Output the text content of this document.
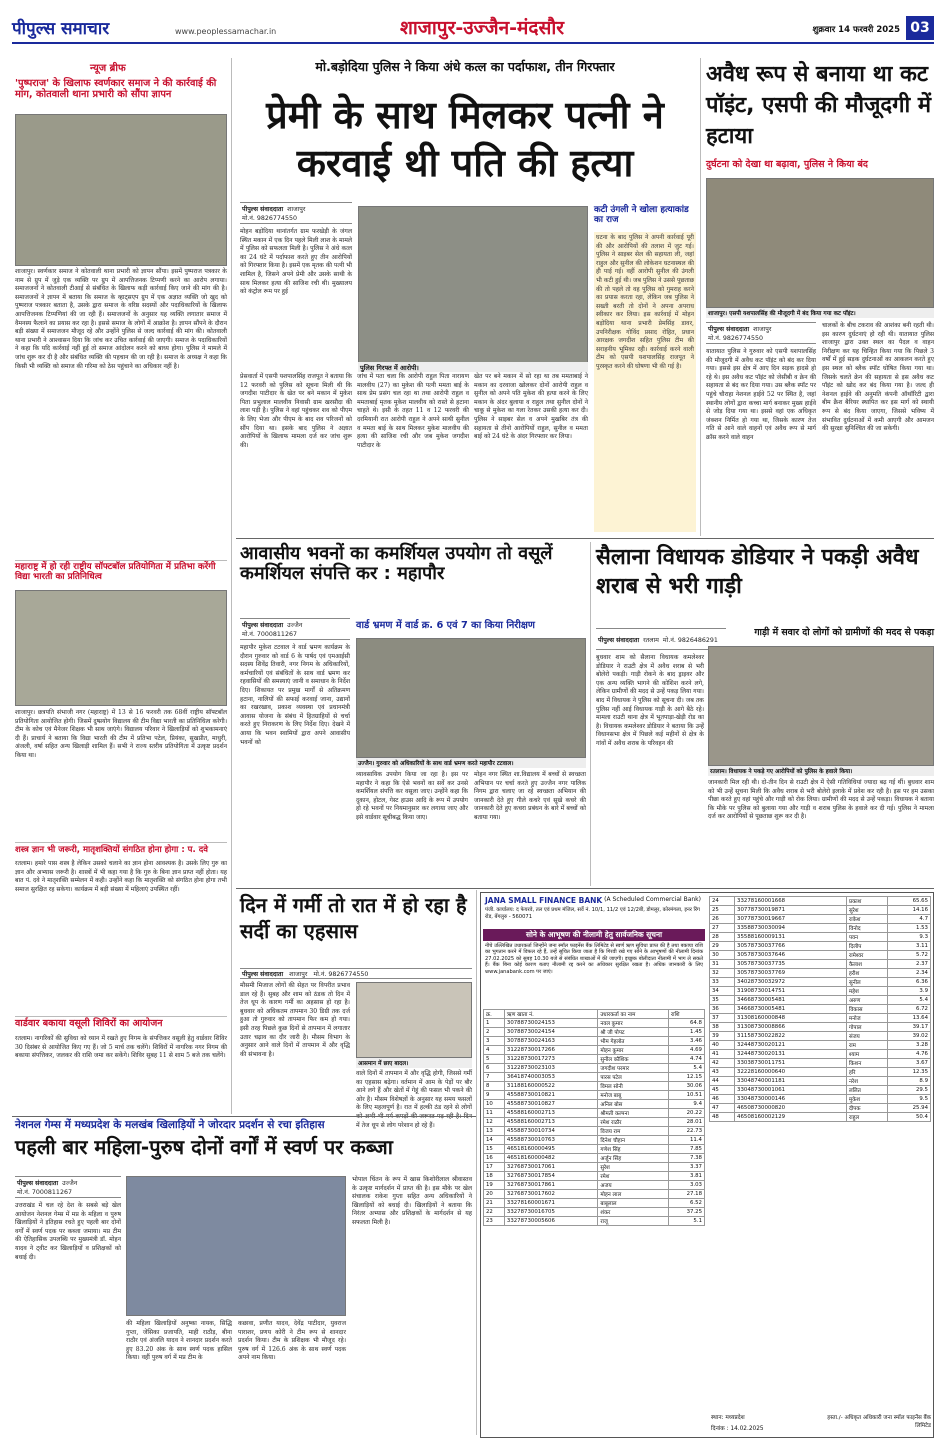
पीपुल्स समाचार	www.peoplessamachar.in	शाजापुर-उज्जैन-मंदसौर	शुक्रवार 14 फरवरी 2025 03
न्यूज ब्रीफ
'पुष्पराज' के खिलाफ स्वर्णकार समाज ने की कार्रवाई की मांग, कोतवाली थाना प्रभारी को सौंपा ज्ञापन
शाजापुर। स्वर्णकार समाज ने कोतवाली थाना प्रभारी को ज्ञापन सौंपा। इसमें पुष्पराज पत्रकार के नाम से ग्रुप में जुड़े एक व्यक्ति पर ग्रुप में आपत्तिजनक टिप्पणी करने का आरोप लगाया। समाजजनों ने कोतवाली टीआई से संबंधित के खिलाफ कड़ी कार्रवाई किए जाने की मांग की है। समाजजनों ने ज्ञापन में बताया कि समाज के व्हाट्सएप ग्रुप में एक अज्ञात व्यक्ति जो खुद को पुष्पराज पत्रकार बताता है, उसके द्वारा समाज के वरिष्ठ सदस्यों और पदाधिकारियों के खिलाफ आपत्तिजनक टिप्पणियां की जा रही हैं। समाजजनों के अनुसार यह व्यक्ति लगातार समाज में वैमनस्य फैलाने का प्रयास कर रहा है। इससे समाज के लोगों में आक्रोश है। ज्ञापन सौंपने के दौरान बड़ी संख्या में समाजजन मौजूद रहे और उन्होंने पुलिस से जल्द कार्रवाई की मांग की। कोतवाली थाना प्रभारी ने आश्वासन दिया कि जांच कर उचित कार्रवाई की जाएगी। समाज के पदाधिकारियों ने कहा कि यदि कार्रवाई नहीं हुई तो समाज आंदोलन करने को बाध्य होगा। पुलिस ने मामले में जांच शुरू कर दी है और संबंधित व्यक्ति की पहचान की जा रही है। समाज के अध्यक्ष ने कहा कि किसी भी व्यक्ति को समाज की गरिमा को ठेस पहुंचाने का अधिकार नहीं है।
महाराष्ट्र में हो रही राष्ट्रीय सॉफ्टबॉल प्रतियोगिता में प्रतिभा करेंगी विद्या भारती का प्रतिनिधित्व
शाजापुर। छत्रपति संभाजी नगर (महाराष्ट्र) में 13 से 16 फरवरी तक 68वीं राष्ट्रीय सॉफ्टबॉल प्रतियोगिता आयोजित होगी। जिसमें दुष्प्रयोग विद्यालय की टीम विद्या भारती का प्रतिनिधित्व करेगी। टीम के कोच एवं मैनेजर शिक्षक भी साथ जाएंगे। विद्यालय परिवार ने खिलाड़ियों को शुभकामनाएं दी हैं। प्राचार्य ने बताया कि विद्या भारती की टीम में प्रतिभा पटेल, प्रियंका, सुखप्रीत, माधुरी, अंजली, वर्षा सहित अन्य खिलाड़ी शामिल हैं। सभी ने राज्य स्तरीय प्रतियोगिता में उत्कृष्ट प्रदर्शन किया था।
शस्त्र ज्ञान भी जरूरी, मातृशक्तियों संगठित होना होगा : प. दवे
रतलाम। हमारे पास शस्त्र है लेकिन उसको चलाने का ज्ञान होना आवश्यक है। उसके लिए गुरु का ज्ञान और अभ्यास जरूरी है। शास्त्रों में भी कहा गया है कि गुरु के बिना ज्ञान प्राप्त नहीं होता। यह बात पं. दवे ने मातृशक्ति सम्मेलन में कही। उन्होंने कहा कि मातृशक्ति को संगठित होना होगा तभी समाज सुरक्षित रह सकेगा। कार्यक्रम में बड़ी संख्या में महिलाएं उपस्थित रहीं।
वार्डवार बकाया वसूली शिविरों का आयोजन
रतलाम। नागरिकों की सुविधा को ध्यान में रखते हुए निगम के संपत्तिकर वसूली हेतु वार्डवार शिविर 30 दिसंबर से आयोजित किए गए हैं। जो 5 मार्च तक चलेंगे। शिविरों में नागरिक नगर निगम की बकाया संपत्तिकर, जलकर की राशि जमा कर सकेंगे। शिविर सुबह 11 से शाम 5 बजे तक चलेंगे।
मो.बड़ोदिया पुलिस ने किया अंधे कत्ल का पर्दाफाश, तीन गिरफ्तार
प्रेमी के साथ मिलकर पत्नी ने करवाई थी पति की हत्या
पीपुल्स संवाददाता शाजापुर
मो.नं. 9826774550
पुलिस गिरफ्त में आरोपी।
मोहन बड़ोदिया थानांतर्गत ग्राम फरखेड़ी के जंगल स्थित मकान में एक दिन पहले मिली लाश के मामले में पुलिस को सफलता मिली है। पुलिस ने अंधे कत्ल का 24 घंटे में पर्दाफाश करते हुए तीन आरोपियों को गिरफ्तार किया है। इसमें एक मृतक की पत्नी भी शामिल है, जिसने अपने प्रेमी और उसके साथी के साथ मिलकर हत्या की साजिश रची थी। मुख्यालय को कंट्रोल रूम पर हुई
प्रेसवार्ता में एसपी यशपालसिंह राजपूत ने बताया कि 12 फरवरी को पुलिस को सूचना मिली थी कि जगदीश पाटीदार के खेत पर बने मकान में मुकेश पिता प्रभुलाल मालवीय निवासी ग्राम खरसौदा की लाश पड़ी है। पुलिस ने वहां पहुंचकर शव को पीएम के लिए भेजा और पीएम के बाद शव परिजनों को सौंप दिया था। इसके बाद पुलिस ने अज्ञात आरोपियों के खिलाफ मामला दर्ज कर जांच शुरू की।
जांच में पता चला कि आरोपी राहुल पिता नारायण मालवीय (27) का मुकेश की पत्नी ममता बाई के साथ प्रेम प्रसंग चल रहा था तथा आरोपी राहुल व ममताबाई मृतक मुकेश मालवीय को रास्ते से हटाना चाहते थे। इसी के तहत 11 व 12 फरवरी की दरमियानी रात आरोपी राहुल ने अपने साथी सुनील व ममता बाई के साथ मिलकर मुकेश मालवीय की हत्या की साजिश रची और जब मुकेश जगदीश पाटीदार के
खेत पर बने मकान में सो रहा था तब ममताबाई ने मकान का दरवाजा खोलकर दोनों आरोपी राहुल व सुनील को अपने पति मुकेश की हत्या करने के लिए मकान के अंदर बुलाया व राहुल तथा सुनील दोनों ने चाकू से मुकेश का गला रेतकर उसकी हत्या कर दी। पुलिस ने साइबर सेल व अपने मुखबिर तंत्र की सहायता से तीनो आरोपियों राहुल, सुनील व ममता बाई को 24 घंटे के अंदर गिरफ्तार कर लिया।
कटी उंगली ने खोला हत्याकांड का राज
घटना के बाद पुलिस ने अपनी कार्रवाई पूरी की और आरोपियों की तलाश में जुट गई। पुलिस ने साइबर सेल की सहायता ली, जहां राहुल और सुनील की लोकेशन घटनास्थल की ही पाई गई। वहीं आरोपी सुनील की उंगली भी कटी हुई थी। जब पुलिस ने उससे पूछताछ की तो पहले तो वह पुलिस को गुमराह करने का प्रयास करता रहा, लेकिन जब पुलिस ने सख्ती बरती तो दोनों ने अपना अपराध स्वीकार कर लिया। इस कार्रवाई में मोहन बड़ोदिया थाना प्रभारी प्रेमसिंह डावर, उपनिरीक्षक गोविंद प्रसाद रोहित, प्रधान आरक्षक जगदीश सहित पुलिस टीम की सराहनीय भूमिका रही। कार्रवाई करने वाली टीम को एसपी यशपालसिंह राजपूत ने पुरस्कृत करने की घोषणा भी की गई है।
अवैध रूप से बनाया था कट पॉइंट, एसपी की मौजूदगी में हटाया
दुर्घटना को देखा था बढ़ावा, पुलिस ने किया बंद
शाजापुर। एसपी यशपालसिंह की मौजूदगी में बंद किया गया कट पॉइंट।
पीपुल्स संवाददाता शाजापुर
मो.नं. 9826774550
यातायात पुलिस ने गुरुवार को एसपी यशपालसिंह की मौजूदगी में अवैध कट पॉइंट को बंद कर दिया गया। इससे इस क्षेत्र में आए दिन सड़क हादसे हो रहे थे। इस अवैध कट पॉइंट को जेसीबी व क्रेन की सहायता से बंद कर दिया गया। उस ब्लैक स्पॉट पर पहुंचे चौराहा नेशनल हाईवे 52 पर स्थित है, जहां स्थानीय लोगों द्वारा कच्चा मार्ग बनाकर मुख्य हाईवे से जोड़ दिया गया था। इससे वहां एक अधिकृत जंक्शन निर्मित हो गया था, जिसके कारण तेज गति से आने वाले वाहनों एवं अवैध रूप से मार्ग क्रॉस करने वाले वाहन
चालकों के बीच टकराव की आशंका बनी रहती थी। इस कारण दुर्घटनाएं हो रही थी। यातायात पुलिस शाजापुर द्वारा उक्त स्थल का पैदल व वाहन निरीक्षण कर यह चिन्हित किया गया कि पिछले 3 वर्षों में हुई सड़क दुर्घटनाओं का आकलन करते हुए इस स्थल को ब्लैक स्पॉट घोषित किया गया था। जिसके चलते क्रेन की सहायता से इस अवैध कट पॉइंट को खोद कर बंद किया गया है। जल्द ही नेशनल हाईवे की अनुमति कंपनी ऑथॉरिटी द्वारा बीम क्रैश बैरियर स्थापित कर इस मार्ग को स्थायी रूप से बंद किया जाएगा, जिससे भविष्य में संभावित दुर्घटनाओं में कमी आएगी और आमजन की सुरक्षा सुनिश्चित की जा सकेगी।
आवासीय भवनों का कमर्शियल उपयोग तो वसूलें कमर्शियल संपत्ति कर : महापौर
पीपुल्स संवाददाता उज्जैन
मो.नं. 7000811267
वार्ड भ्रमण में वार्ड क्र. 6 एवं 7 का किया निरीक्षण
उज्जैन। गुरुवार को अधिकारियों के साथ वार्ड भ्रमण करते महापौर टटवाल।
महापौर मुकेश टटवाल ने वार्ड भ्रमण कार्यक्रम के दौरान गुरुवार को वार्ड 6 के पार्षद एवं एमआईसी सदस्य शिवेंद्र तिवारी, नगर निगम के अधिकारियों, कर्मचारियों एवं संबंधितों के साथ वार्ड भ्रमण कर रहवासियों की समस्याएं जानी व समाधान के निर्देश दिए। शिकायत पर प्रमुख मार्गों से अतिक्रमण हटाना, नालियों की सफाई करवाई जाना, उद्यानों का रखरखाव, प्रकाश व्यवस्था एवं प्रधानमंत्री आवास योजना के संबंध में हितग्राहियों से चर्चा करते हुए निराकरण के लिए निर्देश दिए। देखने में आया कि भवन स्वामियों द्वारा अपने आवासीय भवनों को
व्यावसायिक उपयोग किया जा रहा है। इस पर महापौर ने कहा कि ऐसे भवनों का सर्वे कर उनसे कमर्शियल संपत्ति कर वसूला जाए। उन्होंने कहा कि दुकान, होटल, गेस्ट हाउस आदि के रूप में उपयोग हो रहे भवनों पर नियमानुसार कर लगाया जाए और इसे वार्डवार सूचीबद्ध किया जाए।
मोहन नगर स्थित शा.विद्यालय में बच्चों से स्वच्छता अभियान पर चर्चा करते हुए उज्जैन नगर पालिक निगम द्वारा चलाए जा रहे स्वच्छता अभियान की जानकारी देते हुए गीले कचरे एवं सूखे कचरे की जानकारी देते हुए कचरा प्रबंधन के बारे में बच्चों को बताया गया।
सैलाना विधायक डोडियार ने पकड़ी अवैध शराब से भरी गाड़ी
पीपुल्स संवाददाता रतलाम मो.नं. 9826486291
गाड़ी में सवार दो लोगों को ग्रामीणों की मदद से पकड़ा
बुधवार शाम को सैलाना विधायक कमलेश्वर डोडियार ने राउटी क्षेत्र में अवैध शराब से भरी बोलेरो पकड़ी। गाड़ी रोकने के बाद ड्राइवर और एक अन्य व्यक्ति भागने की कोशिश करने लगे, लेकिन ग्रामीणों की मदद से उन्हें पकड़ लिया गया। बाद में विधायक ने पुलिस को सूचना दी। जब तक पुलिस नहीं आई विधायक गाड़ी के आगे बैठे रहे। मामला राउटी थाना क्षेत्र में भूतपाड़ा-खेड़ी रोड का है। विधायक कमलेश्वर डोडियार ने बताया कि उन्हें विधानसभा क्षेत्र में पिछले कई महीनों से क्षेत्र के गांवों में अवैध शराब के परिवहन की
रतलाम। विधायक ने पकड़े गए आरोपियों को पुलिस के हवाले किया।
जानकारी मिल रही थी। दो-तीन दिन से राउटी क्षेत्र में ऐसी गतिविधियां ज्यादा बढ़ गई थीं। बुधवार शाम को भी उन्हें सूचना मिली कि अवैध शराब से भरी बोलेरो इलाके में प्रवेश कर रही है। इस पर हम उसका पीछा करते हुए वहां पहुंचे और गाड़ी को रोक लिया। ग्रामीणों की मदद से उन्हें पकड़ा। विधायक ने बताया कि मौके पर पुलिस को बुलाया गया और गाड़ी व शराब पुलिस के हवाले कर दी गई। पुलिस ने मामला दर्ज कर आरोपियों से पूछताछ शुरू कर दी है।
दिन में गर्मी तो रात में हो रहा है सर्दी का एहसास
पीपुल्स संवाददाता शाजापुर मो.नं. 9826774550
मौसमी मिजाज लोगों की सेहत पर विपरीत प्रभाव डाल रहे हैं। सुबह और शाम को ठंडक तो दिन में तेज धूप के कारण गर्मी का अहसास हो रहा है। बुधवार को अधिकतम तापमान 30 डिग्री तक दर्ज हुआ तो गुरुवार को तापमान फिर कम हो गया। इसी तरह पिछले कुछ दिनों से तापमान में लगातार उतार चढ़ाव का दौर जारी है। मौसम विभाग के अनुसार आने वाले दिनों में तापमान में और वृद्धि की संभावना है।
आसमान में छाए बादल।
वाले दिनों में तापमान में और वृद्धि होगी, जिससे गर्मी का एहसास बढ़ेगा। वर्तमान में आम के पेड़ों पर बौर आने लगे हैं और खेतों में गेहूं की फसल भी पकने की ओर है। मौसम विशेषज्ञों के अनुसार यह समय फसलों के लिए महत्वपूर्ण है। रात में हल्की ठंड रहने से लोगों में तेज धूप से लोग परेशान हो रहे हैं।
नेशनल गेम्स में मध्यप्रदेश के मलखंब खिलाड़ियों ने जोरदार प्रदर्शन से रचा इतिहास
पहली बार महिला-पुरुष दोनों वर्गों में स्वर्ण पर कब्जा
पीपुल्स संवाददाता उज्जैन
मो.नं. 7000811267
उत्तराखंड में चल रहे देश के सबसे बड़े खेल आयोजन नेशनल गेम्स में मप्र के महिला व पुरुष खिलाड़ियों ने इतिहास रचते हुए पहली बार दोनों वर्गों में स्वर्ण पदक पर कब्जा जमाया। मप्र टीम की ऐतिहासिक उपलब्धि पर मुख्यमंत्री डॉ. मोहन यादव ने ट्वीट कर खिलाड़ियों व प्रशिक्षकों को बधाई दी।
की महिला खिलाड़ियों अनुष्का नायक, सिद्धि गुप्ता, जेसिका प्रजापति, माही राठौड़, बीना राठौर एवं अंजलि यादव ने शानदार प्रदर्शन करते हुए 83.20 अंक के साथ स्वर्ण पदक हासिल किया। वहीं पुरुष वर्ग में मप्र टीम के
कछावा, प्रणीत यादव, देवेंद्र पाटीदार, युवराज पाराशर, प्रणय कोरी ने टीम रूप से शानदार प्रदर्शन किया। टीम के प्रशिक्षक भी मौजूद रहे। पुरुष वर्ग में 126.6 अंक के साथ स्वर्ण पदक अपने नाम किया।
भोपाल चिंतन के रूप में खास किशोरीलाल श्रीवास्तव के उत्कृष्ट मार्गदर्शन में प्राप्त की है। इस मौके पर खेल संचालक राकेश गुप्ता सहित अन्य अधिकारियों ने खिलाड़ियों को बधाई दी। खिलाड़ियों ने बताया कि निरंतर अभ्यास और प्रशिक्षकों के मार्गदर्शन से यह सफलता मिली है।
JANA SMALL FINANCE BANK (A Scheduled Commercial Bank)
पंजी. कार्यालय: द फेयरवे, तल एवं प्रथम मंजिल, सर्वे नं. 10/1, 11/2 एवं 12/2बी, डोमलूर, कोरमंगला, इनर रिंग रोड, बेंगलुरु - 560071
सोने के आभूषण की नीलामी हेतु सार्वजनिक सूचना
नीचे उल्लिखित उधारकर्ता जिन्होंने जना स्मॉल फाइनेंस बैंक लिमिटेड से स्वर्ण ऋण सुविधा प्राप्त की है तथा बकाया राशि का भुगतान करने में विफल रहे हैं, उन्हें सूचित किया जाता है कि गिरवी रखे गए सोने के आभूषणों की नीलामी दिनांक 27.02.2025 को सुबह 10.30 बजे से संबंधित शाखाओं में की जाएगी। इच्छुक बोलीदाता नीलामी में भाग ले सकते हैं। बैंक बिना कोई कारण बताए नीलामी रद्द करने का अधिकार सुरक्षित रखता है। अधिक जानकारी के लिए www.janabank.com पर जाएं।
क्र.	ऋण खाता नं.	उधारकर्ता का नाम	राशि
1	30788730024153	नवल कुमार	64.8
2	30788730024154	श्री जी पोपट	1.45
3	30788730024163	भीम गेहलोत	3.46
4	31228730017266	मोहन कुमार	4.69
5	31228730017273	सुनील कौशिक	4.74
6	31228730023103	जगदीश परमार	5.4
7	36418740003053	पारस पटेल	12.15
8	31188160000522	विमल सोनी	30.06
9	45588730010821	मनोज बाबू	10.51
10	45588730010827	अनिल बोस	9.4
11	45588160002713	श्रीमती कल्पना	20.22
12	45588160002713	रमेश राठौर	28.01
13	45588730010734	विजय राम	22.73
14	45588730010763	दिनेश चौहान	11.4
15	46518160000495	गणेश सिंह	7.85
16	46518160000482	अर्जुन सिंह	7.38
17	32768730017061	सुरेश	3.37
18	32768730017854	रमेश	3.81
19	32768730017861	अजय	3.03
20	32768730017602	मोहन लाल	27.18
21	33278160001671	बाबूलाल	6.52
22	33278730016705	शंकर	37.25
23	33278730005606	राजू	5.1
24	33278160001668	प्रकाश	65.65
25	30778730019871	सुरेश	14.16
26	30778730019667	राकेश	4.7
27	33588730030094	विनोद	1.53
28	35588160009131	पवन	9.3
29	30578730037766	दिलीप	3.11
30	30578730037646	रामेश्वर	5.72
31	30578730037735	कैलाश	2.37
32	30578730037769	हरीश	2.34
33	34028730032972	सुनील	6.36
34	31908730014751	महेश	3.9
35	34668730005481	अरुण	5.4
36	34668730005481	विकास	6.72
37	31308160000848	मनोज	13.64
38	31308730008866	गोपाल	39.17
39	31158730022822	संजय	39.02
40	32448730020121	राम	3.28
41	32448730020131	श्याम	4.76
42	33038730011751	किशन	3.67
43	32228160000640	हरि	12.35
44	33048740001181	नरेश	8.9
45	33048730001061	ललित	29.5
46	33048730000146	मुकेश	9.5
47	46508730000820	दीपक	25.94
48	46508160002129	राहुल	50.4
स्थान: मध्यप्रदेश
दिनांक : 14.02.2025
हस्ता./- अधिकृत अधिकारी जना स्मॉल फाइनेंस बैंक लिमिटेड
